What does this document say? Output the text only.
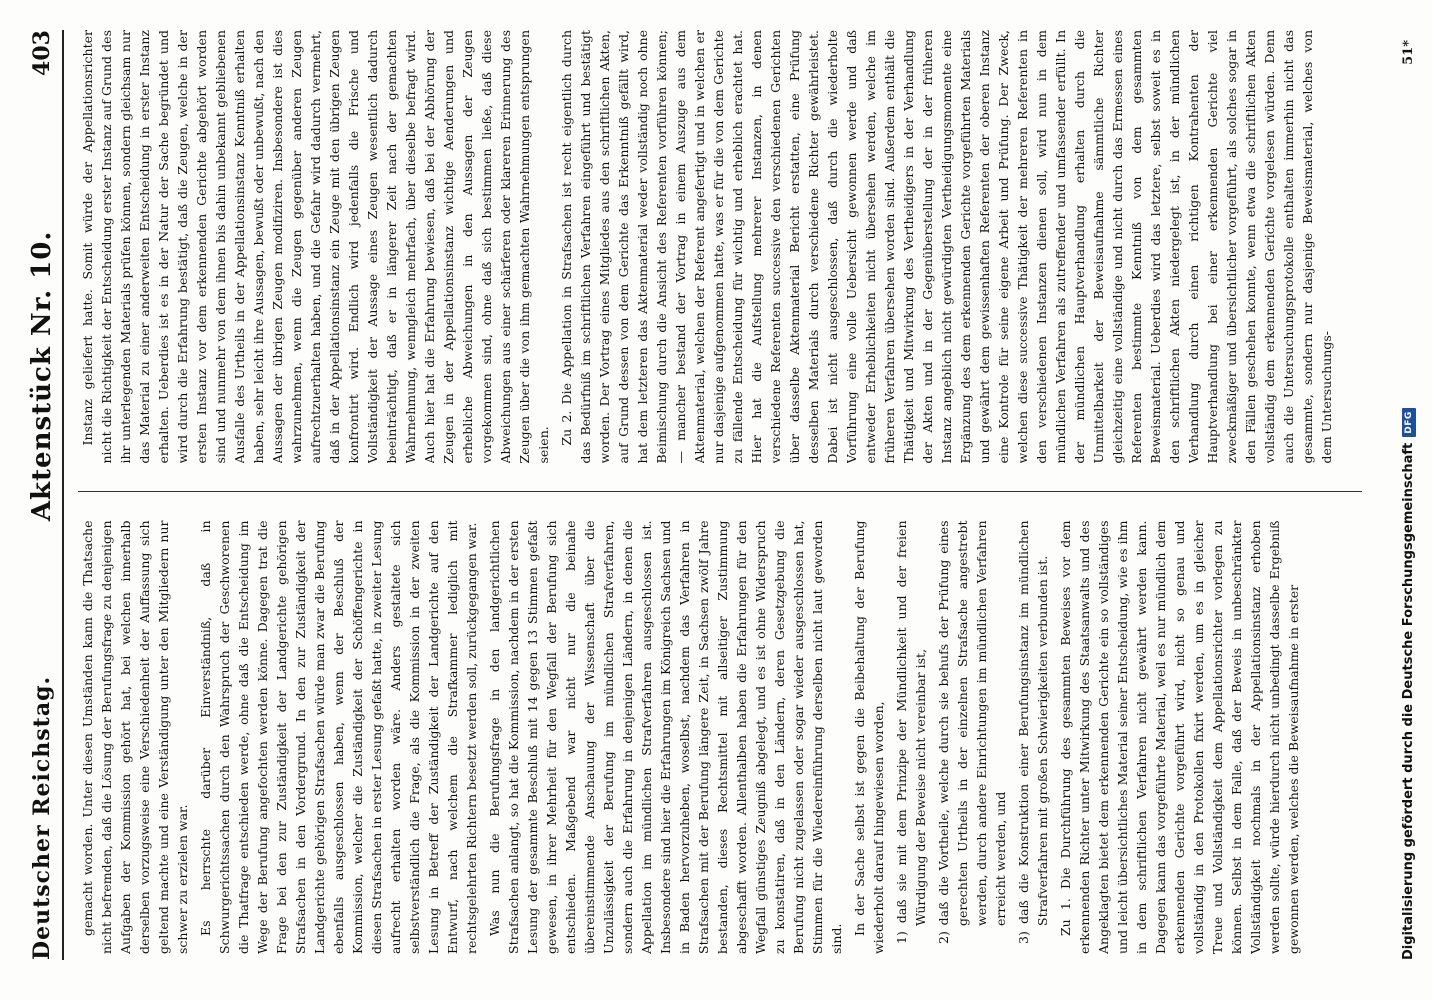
Deutscher Reichstag.
Aktenstück Nr. 10.
403

gemacht worden. Unter diesen Umständen kann die Thatsache nicht befremden, daß die Lösung der Berufungsfrage zu denjenigen Aufgaben der Kommission gehört hat, bei welchen innerhalb derselben vorzugsweise eine Verschiedenheit der Auffassung sich geltend machte und eine Verständigung unter den Mitgliedern nur schwer zu erzielen war. Es herrschte darüber Einverständniß, daß in Schwurgerichtssachen durch den Wahrspruch der Geschworenen die Thatfrage entschieden werde, ohne daß die Entscheidung im Wege der Berufung angefochten werden könne. Dagegen trat die Frage bei den zur Zuständigkeit der Landgerichte gehörigen Strafsachen in den Vordergrund. In den zur Zuständigkeit der Landgerichte gehörigen Strafsachen würde man zwar die Berufung ebenfalls ausgeschlossen haben, wenn der Beschluß der Kommission, welcher die Zuständigkeit der Schöffengerichte in diesen Strafsachen in erster Lesung gefaßt hatte, in zweiter Lesung aufrecht erhalten worden wäre. Anders gestaltete sich selbstverständlich die Frage, als die Kommission in der zweiten Lesung in Betreff der Zuständigkeit der Landgerichte auf den Entwurf, nach welchem die Strafkammer lediglich mit rechtsgelehrten Richtern besetzt werden soll, zurückgegangen war. Was nun die Berufungsfrage in den landgerichtlichen Strafsachen anlangt, so hat die Kommission, nachdem in der ersten Lesung der gesammte Beschluß mit 14 gegen 13 Stimmen gefaßt gewesen, in ihrer Mehrheit für den Wegfall der Berufung sich entschieden. Maßgebend war nicht nur die beinahe übereinstimmende Anschauung der Wissenschaft über die Unzulässigkeit der Berufung im mündlichen Strafverfahren, sondern auch die Erfahrung in denjenigen Ländern, in denen die Appellation im mündlichen Strafverfahren ausgeschlossen ist. Insbesondere sind hier die Erfahrungen im Königreich Sachsen und in Baden hervorzuheben, woselbst, nachdem das Verfahren in Strafsachen mit der Berufung längere Zeit, in Sachsen zwölf Jahre bestanden, dieses Rechtsmittel mit allseitiger Zustimmung abgeschafft worden. Allenthalben haben die Erfahrungen für den Wegfall günstiges Zeugniß abgelegt, und es ist ohne Widerspruch zu konstatiren, daß in den Ländern, deren Gesetzgebung die Berufung nicht zugelassen oder sogar wieder ausgeschlossen hat, Stimmen für die Wiedereinführung derselben nicht laut geworden sind.

In der Sache selbst ist gegen die Beibehaltung der Berufung wiederholt darauf hingewiesen worden, 1) daß sie mit dem Prinzipe der Mündlichkeit und der freien Würdigung der Beweise nicht vereinbar ist, 2) daß die Vortheile, welche durch sie behufs der Prüfung eines gerechten Urtheils in der einzelnen Strafsache angestrebt werden, durch andere Einrichtungen im mündlichen Verfahren erreicht werden, und 3) daß die Konstruktion einer Berufungsinstanz im mündlichen Strafverfahren mit großen Schwierigkeiten verbunden ist. Zu 1. Die Durchführung des gesammten Beweises vor dem erkennenden Richter unter Mitwirkung des Staatsanwalts und des Angeklagten bietet dem erkennenden Gerichte ein so vollständiges und leicht übersichtliches Material seiner Entscheidung, wie es ihm in dem schriftlichen Verfahren nicht gewährt werden kann. Dagegen kann das vorgeführte Material, weil es nur mündlich dem erkennenden Gerichte vorgeführt wird, nicht so genau und vollständig in den Protokollen fixirt werden, um es in gleicher Treue und Vollständigkeit dem Appellationsrichter vorlegen zu können. Selbst in dem Falle, daß der Beweis in unbeschränkter Vollständigkeit nochmals in der Appellationsinstanz erhoben werden sollte, würde hierdurch nicht unbedingt dasselbe Ergebniß gewonnen werden, welches die Beweisaufnahme in erster

Instanz geliefert hatte. Somit würde der Appellationsrichter nicht die Richtigkeit der Entscheidung erster Instanz auf Grund des ihr unterlegenden Materials prüfen können, sondern gleichsam nur das Material zu einer anderweiten Entscheidung in erster Instanz erhalten. Ueberdies ist es in der Natur der Sache begründet und wird durch die Erfahrung bestätigt, daß die Zeugen, welche in der ersten Instanz vor dem erkennenden Gerichte abgehört worden sind und nunmehr von dem ihnen bis dahin unbekannt gebliebenen Ausfalle des Urtheils in der Appellationsinstanz Kenntniß erhalten haben, sehr leicht ihre Aussagen, bewußt oder unbewußt, nach den Aussagen der übrigen Zeugen modifiziren. Insbesondere ist dies wahrzunehmen, wenn die Zeugen gegenüber anderen Zeugen aufrechtzuerhalten haben, und die Gefahr wird dadurch vermehrt, daß in der Appellationsinstanz ein Zeuge mit den übrigen Zeugen konfrontirt wird. Endlich wird jedenfalls die Frische und Vollständigkeit der Aussage eines Zeugen wesentlich dadurch beeinträchtigt, daß er in längerer Zeit nach der gemachten Wahrnehmung, wenngleich mehrfach, über dieselbe befragt wird. Auch hier hat die Erfahrung bewiesen, daß bei der Abhörung der Zeugen in der Appellationsinstanz wichtige Aenderungen und erhebliche Abweichungen in den Aussagen der Zeugen vorgekommen sind, ohne daß sich bestimmen ließe, daß diese Abweichungen aus einer schärferen oder klareren Erinnerung des Zeugen über die von ihm gemachten Wahrnehmungen entsprungen seien. Zu 2. Die Appellation in Strafsachen ist recht eigentlich durch das Bedürfniß im schriftlichen Verfahren eingeführt und bestätigt worden. Der Vortrag eines Mitgliedes aus den schriftlichen Akten, auf Grund dessen von dem Gerichte das Erkenntniß gefällt wird, hat dem letzteren das Aktenmaterial weder vollständig noch ohne Beimischung durch die Ansicht des Referenten vorführen können; — mancher bestand der Vortrag in einem Auszuge aus dem Aktenmaterial, welchen der Referent angefertigt und in welchen er nur dasjenige aufgenommen hatte, was er für die von dem Gerichte zu fällende Entscheidung für wichtig und erheblich erachtet hat. Hier hat die Aufstellung mehrerer Instanzen, in denen verschiedene Referenten successive den verschiedenen Gerichten über dasselbe Aktenmaterial Bericht erstatten, eine Prüfung desselben Materials durch verschiedene Richter gewährleistet. Dabei ist nicht ausgeschlossen, daß durch die wiederholte Vorführung eine volle Uebersicht gewonnen werde und daß entweder Erheblichkeiten nicht übersehen werden, welche im früheren Verfahren übersehen worden sind. Außerdem enthält die Thätigkeit und Mitwirkung des Vertheidigers in der Verhandlung der Akten und in der Gegenüberstellung der in der früheren Instanz angeblich nicht gewürdigten Vertheidigungsmomente eine Ergänzung des dem erkennenden Gerichte vorgeführten Materials und gewährt dem gewissenhaften Referenten der oberen Instanz eine Kontrole für seine eigene Arbeit und Prüfung. Der Zweck, welchen diese successive Thätigkeit der mehreren Referenten in den verschiedenen Instanzen dienen soll, wird nun in dem mündlichen Verfahren als zutreffender und umfassender erfüllt. In der mündlichen Hauptverhandlung erhalten durch die Unmittelbarkeit der Beweisaufnahme sämmtliche Richter gleichzeitig eine vollständige und nicht durch das Ermessen eines Referenten bestimmte Kenntniß von dem gesammten Beweismaterial. Ueberdies wird das letztere, selbst soweit es in den schriftlichen Akten niedergelegt ist, in der mündlichen Verhandlung durch einen richtigen Kontrahenten der Hauptverhandlung bei einer erkennenden Gerichte viel zweckmäßiger und übersichtlicher vorgeführt, als solches sogar in den Fällen geschehen konnte, wenn etwa die schriftlichen Akten vollständig dem erkennenden Gerichte vorgelesen würden. Denn auch die Untersuchungsprotokolle enthalten immerhin nicht das gesammte, sondern nur dasjenige Beweismaterial, welches von dem Untersuchungs-

Digitalisierung gefördert durch die Deutsche Forschungsgemeinschaft
DFG
51*
